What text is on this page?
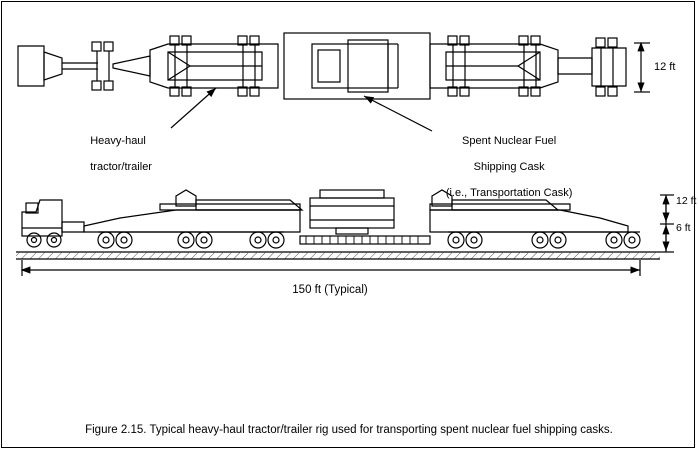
Heavy-haul

tractor/trailer

Spent Nuclear Fuel

Shipping Cask

(i.e., Transportation Cask)

12 ft
12 ft
6 ft
150 ft (Typical)
Figure 2.15. Typical heavy-haul tractor/trailer rig used for transporting spent nuclear fuel shipping casks.
